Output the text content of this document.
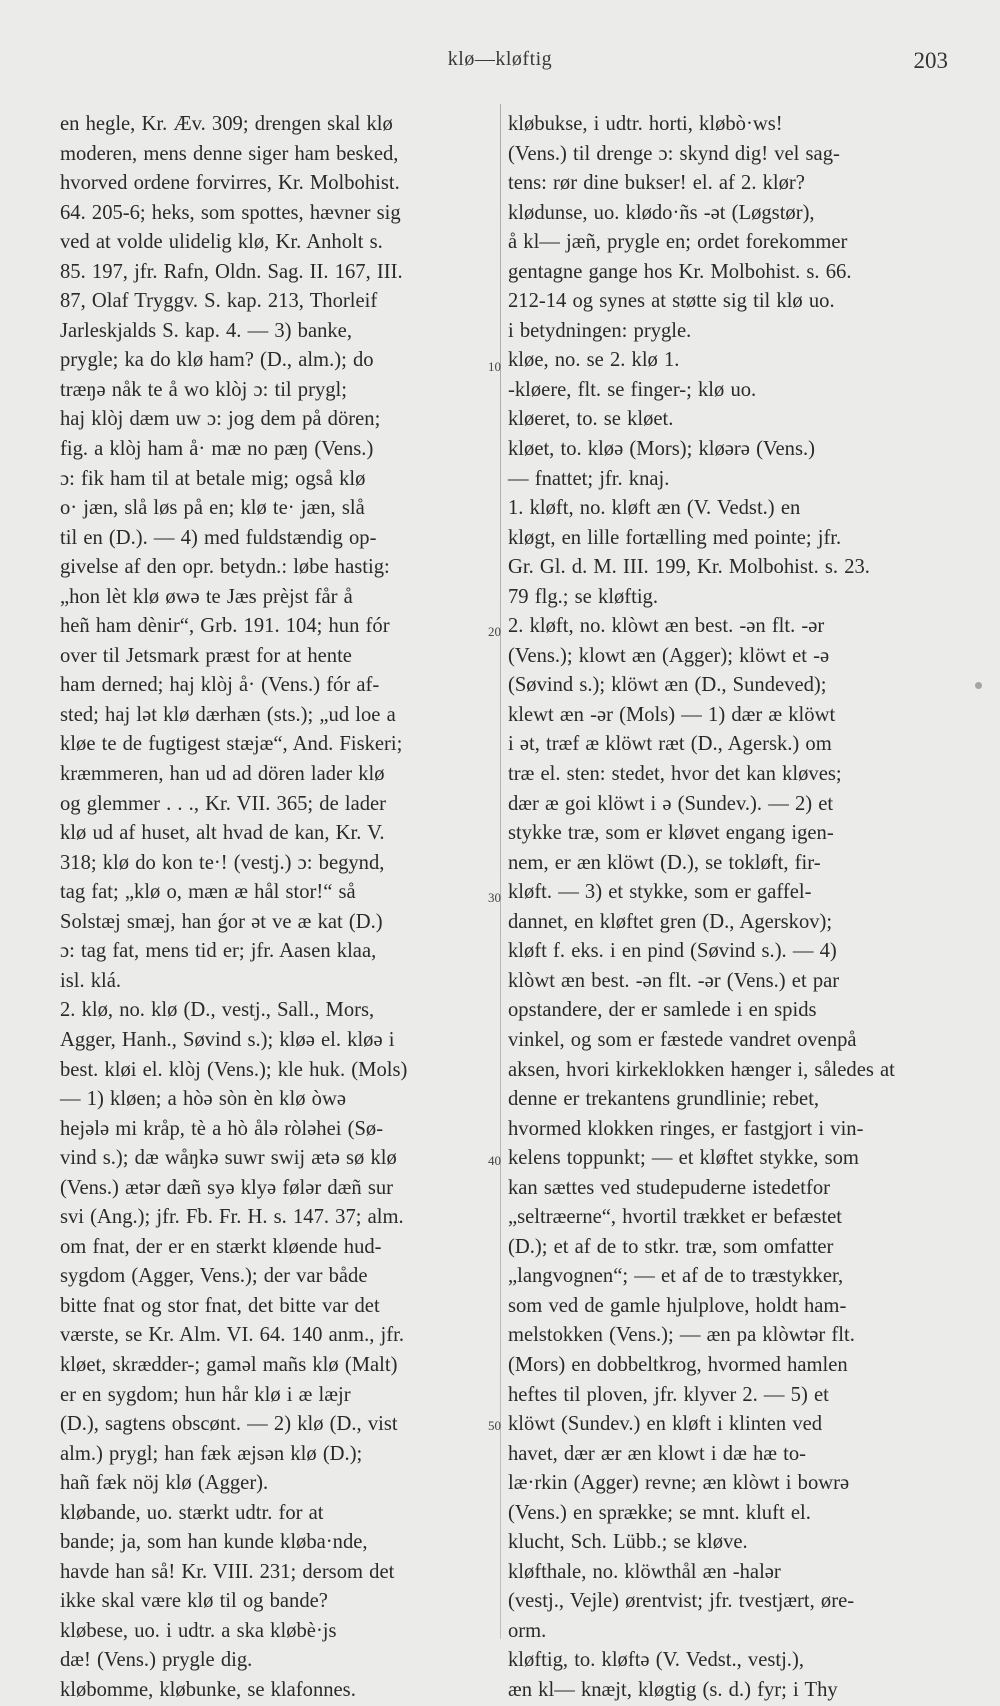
klø—kløftig	203
10
20
30
40
50
en hegle, Kr. Æv. 309; drengen skal klø
moderen, mens denne siger ham besked,
hvorved ordene forvirres, Kr. Molbohist.
64. 205-6; heks, som spottes, hævner sig
ved at volde ulidelig klø, Kr. Anholt s.
85. 197, jfr. Rafn, Oldn. Sag. II. 167, III.
87, Olaf Tryggv. S. kap. 213, Thorleif
Jarleskjalds S. kap. 4. — 3) banke,
prygle; ka do klø ham? (D., alm.); do
træŋə nåk te å wo klòj ɔ: til prygl;
haj klòj dæm uw ɔ: jog dem på dören;
fig. a klòj ham å· mæ no pæŋ (Vens.)
ɔ: fik ham til at betale mig; også klø
o· jæn, slå løs på en; klø te· jæn, slå
til en (D.). — 4) med fuldstændig op-
givelse af den opr. betydn.: løbe hastig:
„hon lèt klø øwə te Jæs prèjst får å
heñ ham dènir“, Grb. 191. 104; hun fór
over til Jetsmark præst for at hente
ham derned; haj klòj å· (Vens.) fór af-
sted; haj lət klø dærhæn (sts.); „ud loe a
kløe te de fugtigest stæjæ“, And. Fiskeri;
kræmmeren, han ud ad dören lader klø
og glemmer . . ., Kr. VII. 365; de lader
klø ud af huset, alt hvad de kan, Kr. V.
318; klø do kon te·! (vestj.) ɔ: begynd,
tag fat; „klø o, mæn æ hål stor!“ så
Solstæj smæj, han ǵor ət ve æ kat (D.)
ɔ: tag fat, mens tid er; jfr. Aasen klaa,
isl. klá.
2. klø, no. klø (D., vestj., Sall., Mors,
Agger, Hanh., Søvind s.); kløə el. kløə i
best. kløi el. klòj (Vens.); kle huk. (Mols)
— 1) kløen; a hòə sòn èn klø òwə
hejələ mi kråp, tè a hò ålə ròləhei (Sø-
vind s.); dæ wåŋkə suwr swij ætə sø klø
(Vens.) ætər dæñ syə klyə følər dæñ sur
svi (Ang.); jfr. Fb. Fr. H. s. 147. 37; alm.
om fnat, der er en stærkt kløende hud-
sygdom (Agger, Vens.); der var både
bitte fnat og stor fnat, det bitte var det
værste, se Kr. Alm. VI. 64. 140 anm., jfr.
kløet, skrædder-; gaməl mañs klø (Malt)
er en sygdom; hun hår klø i æ læjr
(D.), sagtens obscønt. — 2) klø (D., vist
alm.) prygl; han fæk æjsən klø (D.);
hañ fæk nöj klø (Agger).
kløbande, uo. stærkt udtr. for at
bande; ja, som han kunde kløba·nde,
havde han så! Kr. VIII. 231; dersom det
ikke skal være klø til og bande?
kløbese, uo. i udtr. a ska kløbè·js
dæ! (Vens.) prygle dig.
kløbomme, kløbunke, se klafonnes.
kløbukse, i udtr. horti, kløbò·ws!
(Vens.) til drenge ɔ: skynd dig! vel sag-
tens: rør dine bukser! el. af 2. klør?
klødunse, uo. klødo·ñs -ət (Løgstør),
å kl— jæñ, prygle en; ordet forekommer
gentagne gange hos Kr. Molbohist. s. 66.
212-14 og synes at støtte sig til klø uo.
i betydningen: prygle.
kløe, no. se 2. klø 1.
-kløere, flt. se finger-; klø uo.
kløeret, to. se kløet.
kløet, to. kløə (Mors); kløərə (Vens.)
— fnattet; jfr. knaj.
1. kløft, no. kløft æn (V. Vedst.) en
kløgt, en lille fortælling med pointe; jfr.
Gr. Gl. d. M. III. 199, Kr. Molbohist. s. 23.
79 flg.; se kløftig.
2. kløft, no. klòwt æn best. -ən flt. -ər
(Vens.); klowt æn (Agger); klöwt et -ə
(Søvind s.); klöwt æn (D., Sundeved);
klewt æn -ər (Mols) — 1) dær æ klöwt
i ət, træf æ klöwt ræt (D., Agersk.) om
træ el. sten: stedet, hvor det kan kløves;
dær æ goi klöwt i ə (Sundev.). — 2) et
stykke træ, som er kløvet engang igen-
nem, er æn klöwt (D.), se tokløft, fir-
kløft. — 3) et stykke, som er gaffel-
dannet, en kløftet gren (D., Agerskov);
kløft f. eks. i en pind (Søvind s.). — 4)
klòwt æn best. -ən flt. -ər (Vens.) et par
opstandere, der er samlede i en spids
vinkel, og som er fæstede vandret ovenpå
aksen, hvori kirkeklokken hænger i, således at
denne er trekantens grundlinie; rebet,
hvormed klokken ringes, er fastgjort i vin-
kelens toppunkt; — et kløftet stykke, som
kan sættes ved studepuderne istedetfor
„seltræerne“, hvortil trækket er befæstet
(D.); et af de to stkr. træ, som omfatter
„langvognen“; — et af de to træstykker,
som ved de gamle hjulplove, holdt ham-
melstokken (Vens.); — æn pa klòwtər flt.
(Mors) en dobbeltkrog, hvormed hamlen
heftes til ploven, jfr. klyver 2. — 5) et
klöwt (Sundev.) en kløft i klinten ved
havet, dær ær æn klowt i dæ hæ to-
læ·rkin (Agger) revne; æn klòwt i bowrə
(Vens.) en sprække; se mnt. kluft el.
klucht, Sch. Lübb.; se kløve.
kløfthale, no. klöwthål æn -halər
(vestj., Vejle) ørentvist; jfr. tvestjært, øre-
orm.
kløftig, to. kløftə (V. Vedst., vestj.),
æn kl— knæjt, kløgtig (s. d.) fyr; i Thy
